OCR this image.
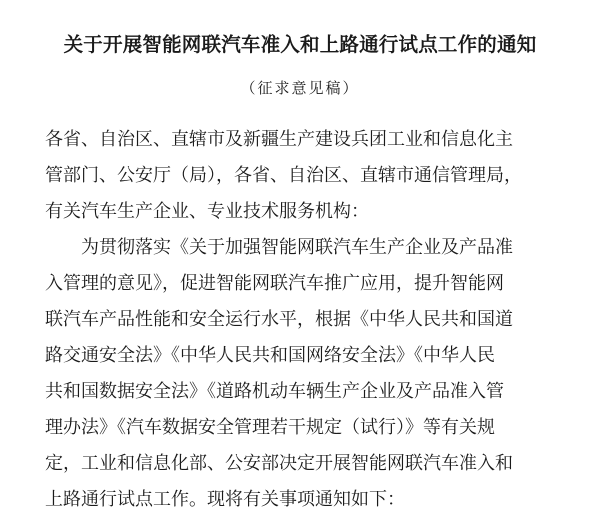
关于开展智能网联汽车准入和上路通行试点工作的通知
（征求意见稿）
各省、自治区、直辖市及新疆生产建设兵团工业和信息化主
管部门、公安厅（局），各省、自治区、直辖市通信管理局，
有关汽车生产企业、专业技术服务机构：
为贯彻落实《关于加强智能网联汽车生产企业及产品准
入管理的意见》，促进智能网联汽车推广应用，提升智能网
联汽车产品性能和安全运行水平，根据《中华人民共和国道
路交通安全法》《中华人民共和国网络安全法》《中华人民
共和国数据安全法》《道路机动车辆生产企业及产品准入管
理办法》《汽车数据安全管理若干规定（试行）》等有关规
定，工业和信息化部、公安部决定开展智能网联汽车准入和
上路通行试点工作。现将有关事项通知如下：
